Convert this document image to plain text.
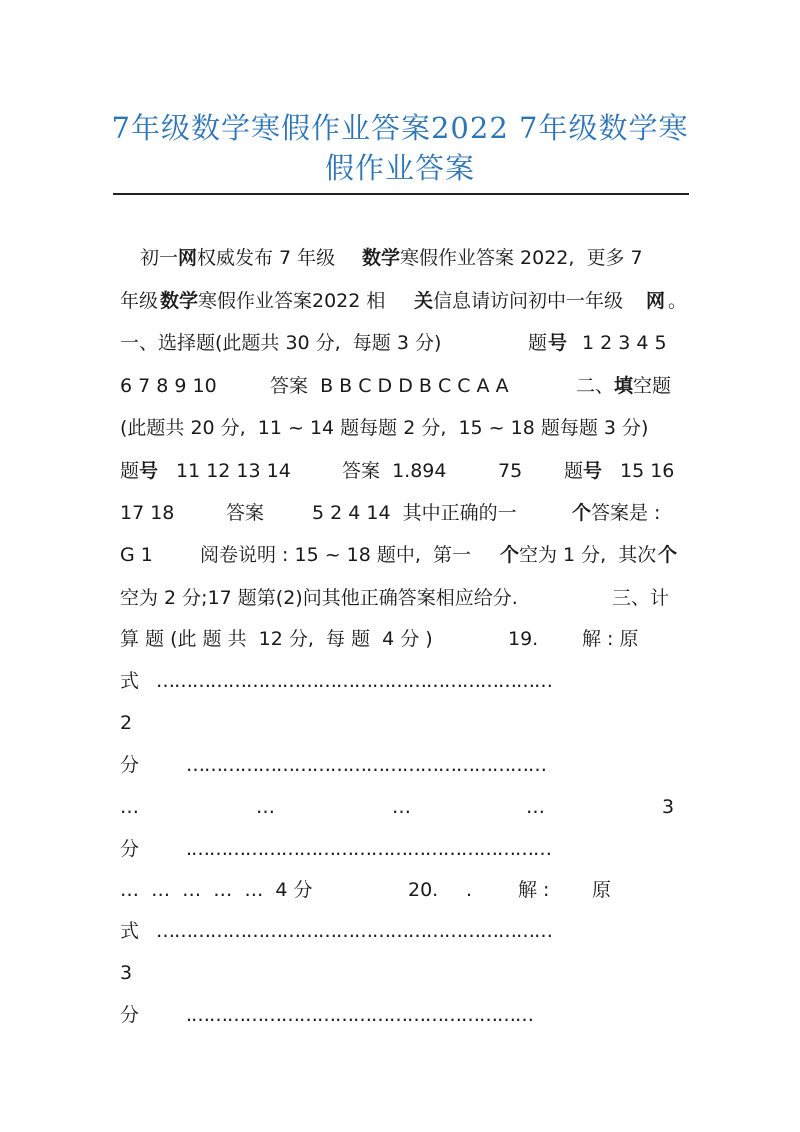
7年级数学寒假作业答案2022 7年级数学寒
假作业答案
初一 网 权威发布 7 年级 数学 寒假作业答案 2022,  更多 7
年级 数学 寒假作业答案2022 相 关 信息请访问初中一年级 网 。
一、选择题(此题共 30 分,  每题 3 分)	题 号 1 2 3 4 5
6 7 8 9 10	答案  B B C D D B C C A A	二、 填 空题
(此题共 20 分,  11 ~ 14 题每题 2 分,  15 ~ 18 题每题 3 分)
题 号 11 12 13 14	答案  1.894	75 题 号 15 16
17 18	答案	5 2 4 14  其中正确的一	个 答案是 :
G 1 阅卷说明 : 15 ~ 18 题中,  第一 个 空为 1 分,  其次 个
空为 2 分;17 题第(2)问其他正确答案相应给分.	三、计
算 题 (此 题 共  12 分,  每 题  4 分 )	19. 解 : 原
式 …………………………………………………………
2
分 ……………………………………………………
…	…	…	…	3
分 .……………………………………………………
…  …  …  …  …  4 分	20. . 解 : 原
式 …………………………………………………………
3
分 .…………………………………………………
